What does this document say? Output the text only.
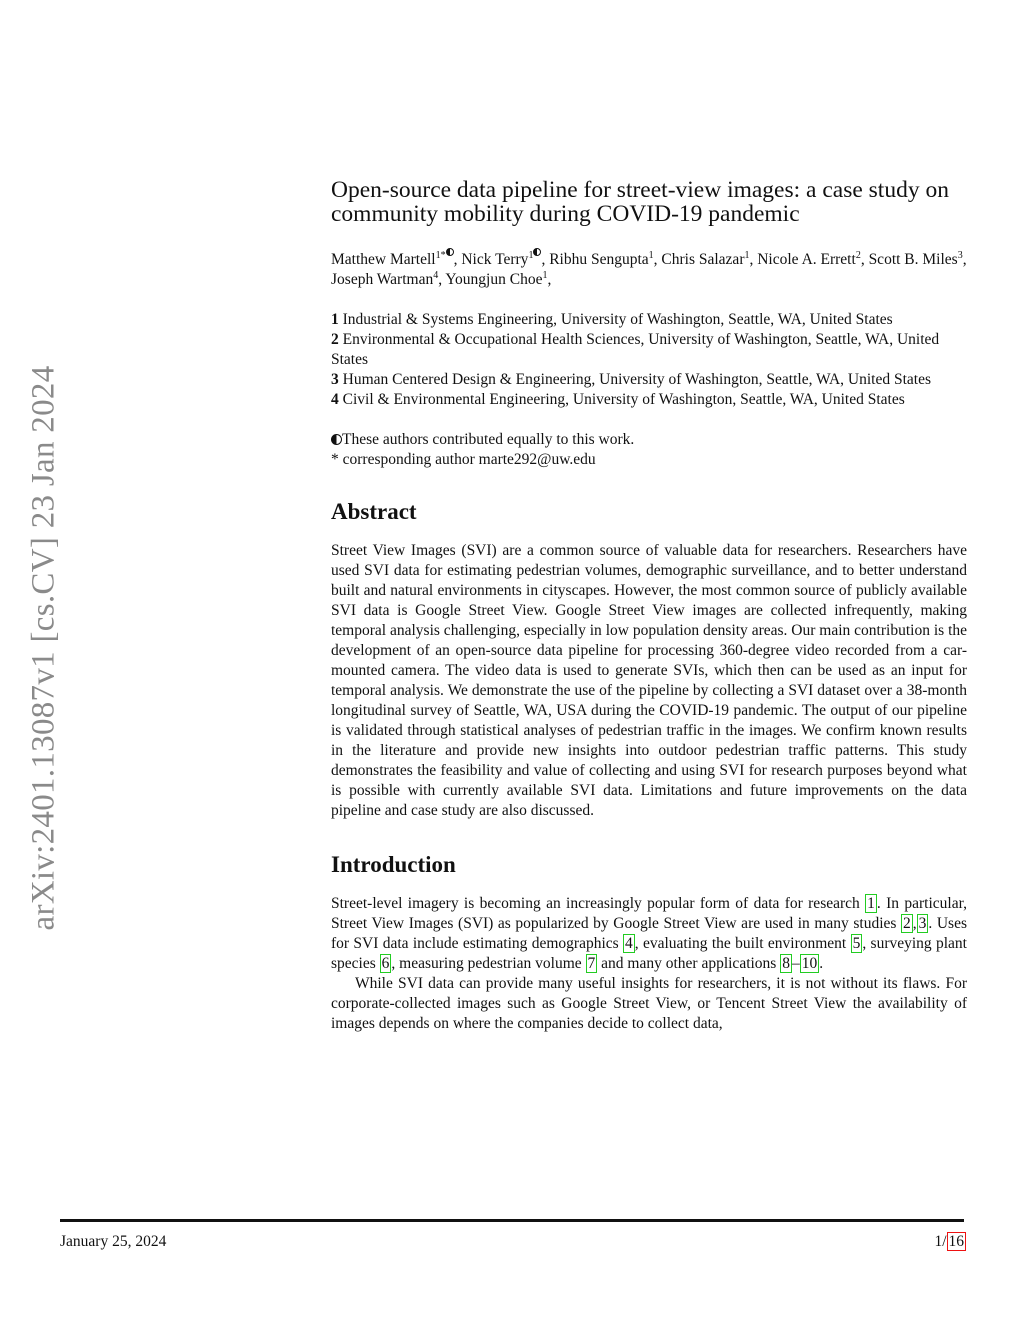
arXiv:2401.13087v1 [cs.CV] 23 Jan 2024
Open-source data pipeline for street-view images: a case study on community mobility during COVID-19 pandemic
Matthew Martell$^{1*}$ , Nick Terry$^1$ , Ribhu Sengupta$^1$, Chris Salazar$^1$, Nicole A. Errett$^2$, Scott B. Miles$^3$, Joseph Wartman$^4$, Youngjun Choe$^1$,
1 Industrial & Systems Engineering, University of Washington, Seattle, WA, United States
2 Environmental & Occupational Health Sciences, University of Washington, Seattle, WA, United States
3 Human Centered Design & Engineering, University of Washington, Seattle, WA, United States
4 Civil & Environmental Engineering, University of Washington, Seattle, WA, United States
These authors contributed equally to this work.
* corresponding author marte292@uw.edu
Abstract

Street View Images (SVI) are a common source of valuable data for researchers. Researchers have used SVI data for estimating pedestrian volumes, demographic surveillance, and to better understand built and natural environments in cityscapes. However, the most common source of publicly available SVI data is Google Street View. Google Street View images are collected infrequently, making temporal analysis challenging, especially in low population density areas. Our main contribution is the development of an open-source data pipeline for processing 360-degree video recorded from a car-mounted camera. The video data is used to generate SVIs, which then can be used as an input for temporal analysis. We demonstrate the use of the pipeline by collecting a SVI dataset over a 38-month longitudinal survey of Seattle, WA, USA during the COVID-19 pandemic. The output of our pipeline is validated through statistical analyses of pedestrian traffic in the images. We confirm known results in the literature and provide new insights into outdoor pedestrian traffic patterns. This study demonstrates the feasibility and value of collecting and using SVI for research purposes beyond what is possible with currently available SVI data. Limitations and future improvements on the data pipeline and case study are also discussed.

Introduction

Street-level imagery is becoming an increasingly popular form of data for research 1 . In particular, Street View Images (SVI) as popularized by Google Street View are used in many studies 2 , 3 . Uses for SVI data include estimating demographics 4 , evaluating the built environment 5 , surveying plant species 6 , measuring pedestrian volume 7 and many other applications 8 – 10 .

While SVI data can provide many useful insights for researchers, it is not without its flaws. For corporate-collected images such as Google Street View, or Tencent Street View the availability of images depends on where the companies decide to collect data,

January 25, 2024	1/ 16
